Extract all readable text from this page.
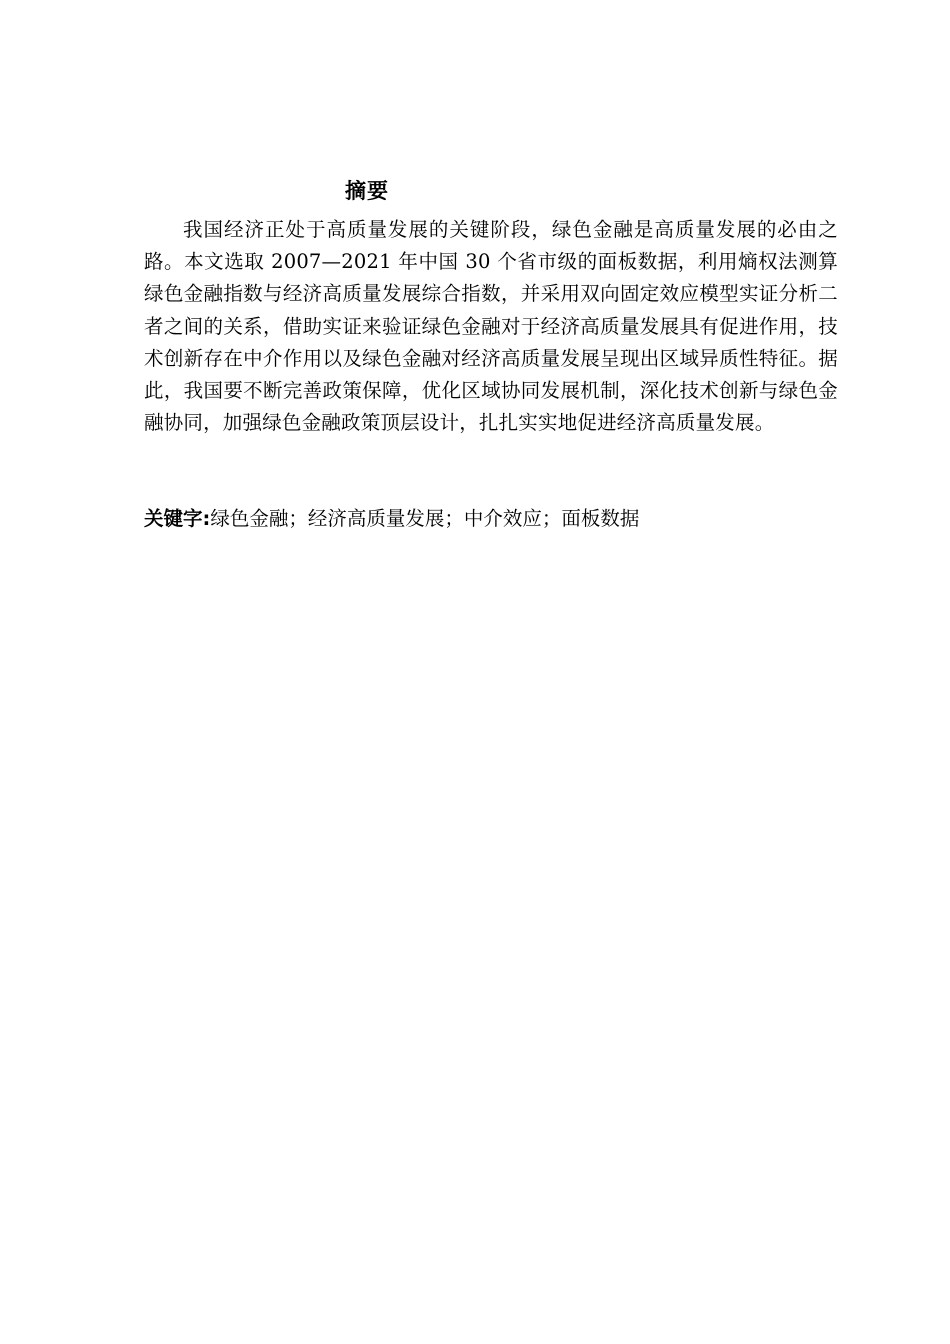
摘要

我国经济正处于高质量发展的关键阶段，绿色金融是高质量发展的必由之路。本文选取 2007—2021 年中国 30 个省市级的面板数据，利用熵权法测算绿色金融指数与经济高质量发展综合指数，并采用双向固定效应模型实证分析二者之间的关系，借助实证来验证绿色金融对于经济高质量发展具有促进作用，技术创新存在中介作用以及绿色金融对经济高质量发展呈现出区域异质性特征。据此，我国要不断完善政策保障，优化区域协同发展机制，深化技术创新与绿色金融协同，加强绿色金融政策顶层设计，扎扎实实地促进经济高质量发展。

关键字:绿色金融；经济高质量发展；中介效应；面板数据
